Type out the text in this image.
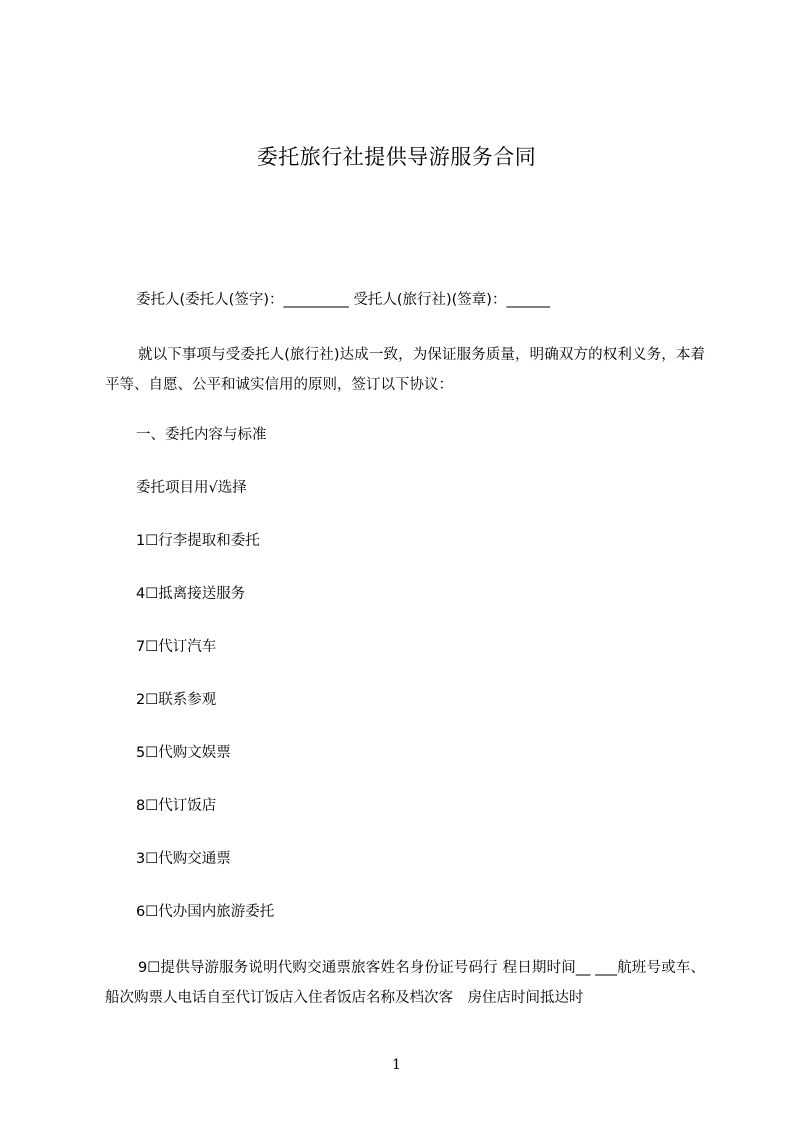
委托旅行社提供导游服务合同
委托人(委托人(签字)：_________ 受托人(旅行社)(签章)：______
就以下事项与受委托人(旅行社)达成一致，为保证服务质量，明确双方的权利义务，本着平等、自愿、公平和诚实信用的原则，签订以下协议：
一、委托内容与标准
委托项目用√选择
1☐行李提取和委托
4☐抵离接送服务
7☐代订汽车
2☐联系参观
5☐代购文娱票
8☐代订饭店
3☐代购交通票
6☐代办国内旅游委托
9☐提供导游服务说明代购交通票旅客姓名身份证号码行 程日期时间__ ___航班号或车、船次购票人电话自至代订饭店入住者饭店名称及档次客　房住店时间抵达时
1
